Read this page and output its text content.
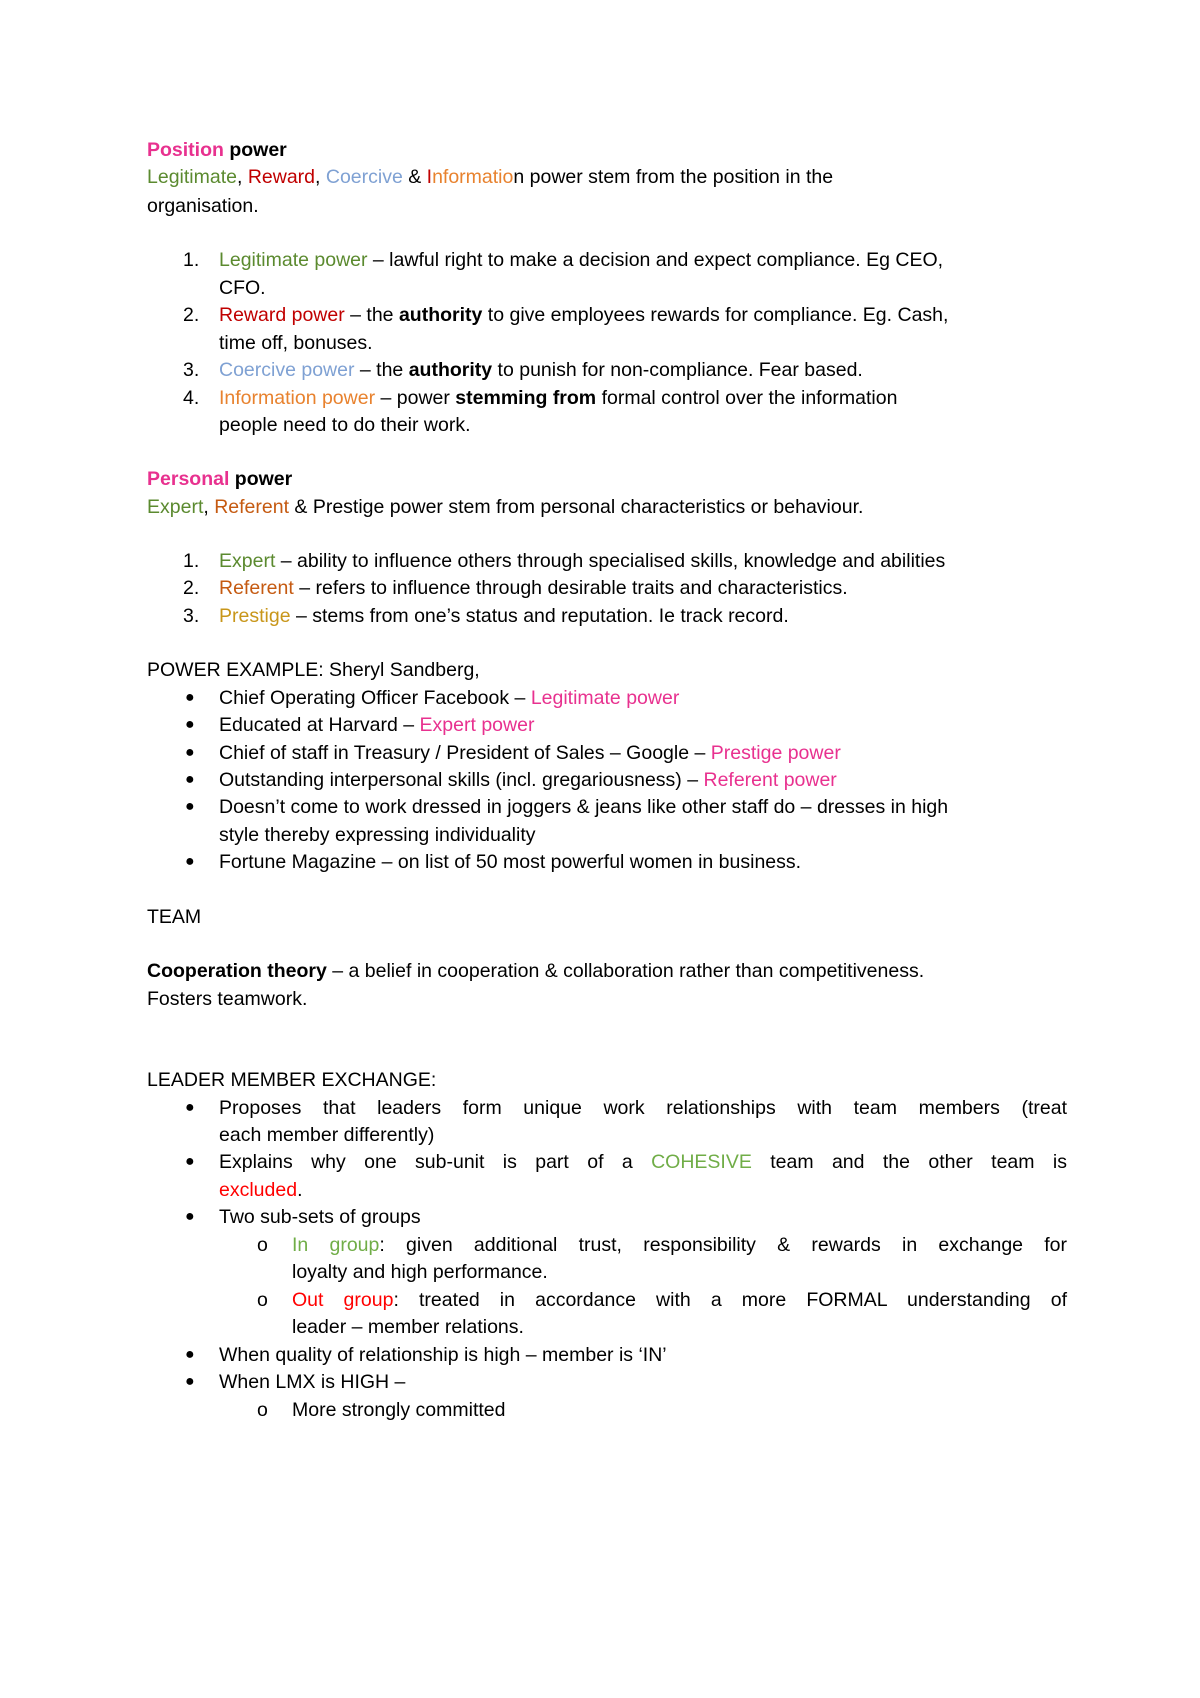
Position power
Legitimate, Reward, Coercive & Information power stem from the position in the
organisation.
1. Legitimate power – lawful right to make a decision and expect compliance. Eg CEO,
CFO.
2. Reward power – the authority to give employees rewards for compliance. Eg. Cash,
time off, bonuses.
3. Coercive power – the authority to punish for non-compliance. Fear based.
4. Information power – power stemming from formal control over the information
people need to do their work.
Personal power
Expert, Referent & Prestige power stem from personal characteristics or behaviour.
1. Expert – ability to influence others through specialised skills, knowledge and abilities
2. Referent – refers to influence through desirable traits and characteristics.
3. Prestige – stems from one’s status and reputation. Ie track record.
POWER EXAMPLE: Sheryl Sandberg,
● Chief Operating Officer Facebook – Legitimate power
● Educated at Harvard – Expert power
● Chief of staff in Treasury / President of Sales – Google – Prestige power
● Outstanding interpersonal skills (incl. gregariousness) – Referent power
● Doesn’t come to work dressed in joggers & jeans like other staff do – dresses in high
style thereby expressing individuality
● Fortune Magazine – on list of 50 most powerful women in business.
TEAM
Cooperation theory – a belief in cooperation & collaboration rather than competitiveness.
Fosters teamwork.
LEADER MEMBER EXCHANGE:
● Proposes that leaders form unique work relationships with team members (treat
each member differently)
● Explains why one sub-unit is part of a COHESIVE team and the other team is
excluded.
● Two sub-sets of groups
o In group: given additional trust, responsibility & rewards in exchange for
loyalty and high performance.
o Out group: treated in accordance with a more FORMAL understanding of
leader – member relations.
● When quality of relationship is high – member is ‘IN’
● When LMX is HIGH –
o More strongly committed
